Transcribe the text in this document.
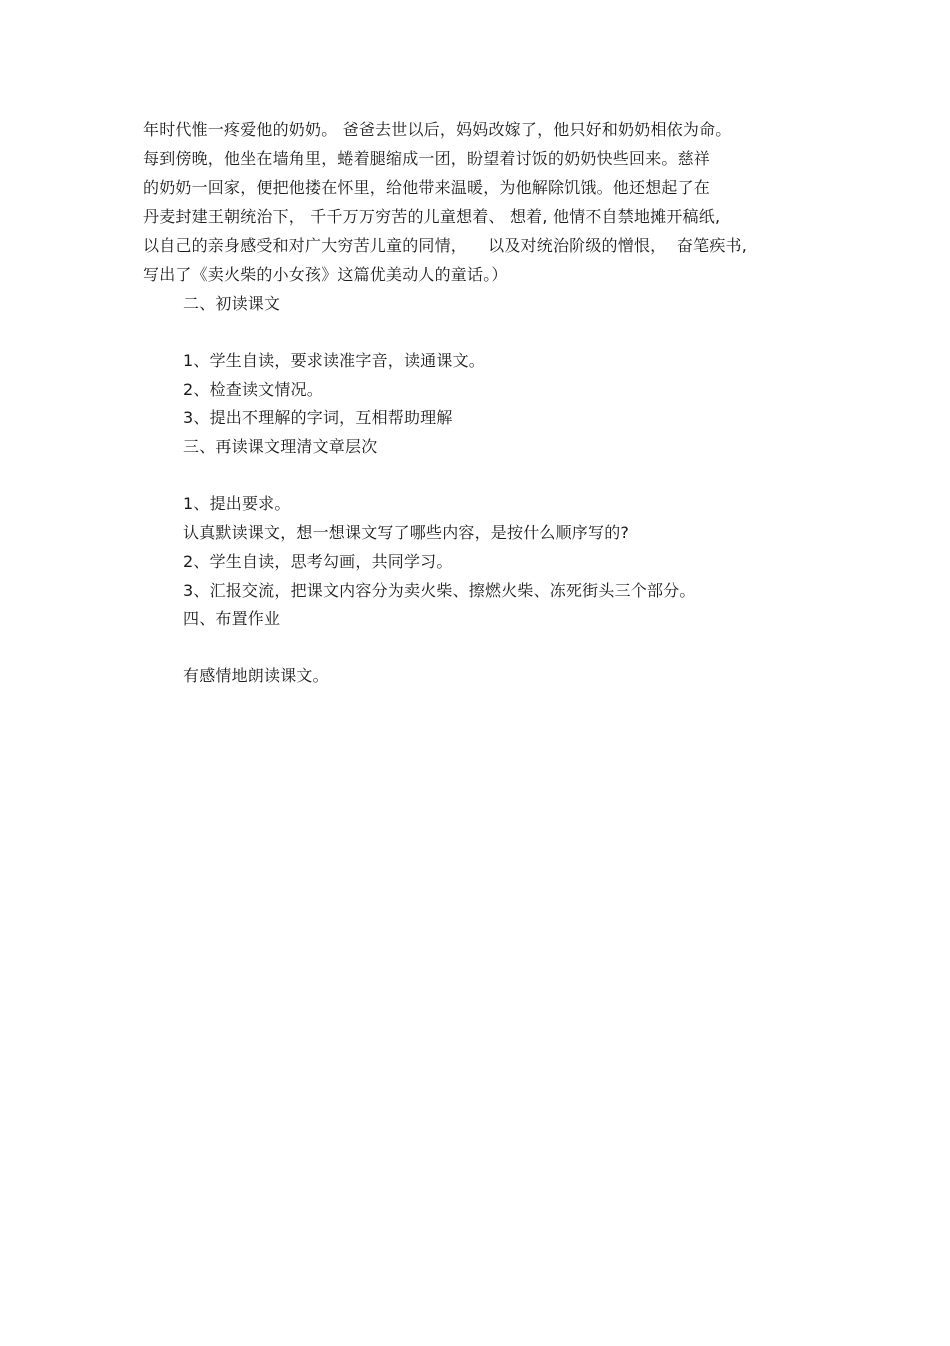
年时代惟一疼爱他的奶奶。 爸爸去世以后，妈妈改嫁了，他只好和奶奶相依为命。
每到傍晚，他坐在墙角里，蜷着腿缩成一团，盼望着讨饭的奶奶快些回来。慈祥
的奶奶一回家，便把他搂在怀里，给他带来温暖，为他解除饥饿。他还想起了在
丹麦封建王朝统治下， 千千万万穷苦的儿童想着、 想着, 他情不自禁地摊开稿纸,
以自己的亲身感受和对广大穷苦儿童的同情，    以及对统治阶级的憎恨，  奋笔疾书,
写出了《卖火柴的小女孩》这篇优美动人的童话。）
二、初读课文
1、学生自读，要求读准字音，读通课文。
2、检查读文情况。
3、提出不理解的字词，互相帮助理解
三、再读课文理清文章层次
1、提出要求。
认真默读课文，想一想课文写了哪些内容，是按什么顺序写的?
2、学生自读，思考勾画，共同学习。
3、汇报交流，把课文内容分为卖火柴、擦燃火柴、冻死街头三个部分。
四、布置作业
有感情地朗读课文。
